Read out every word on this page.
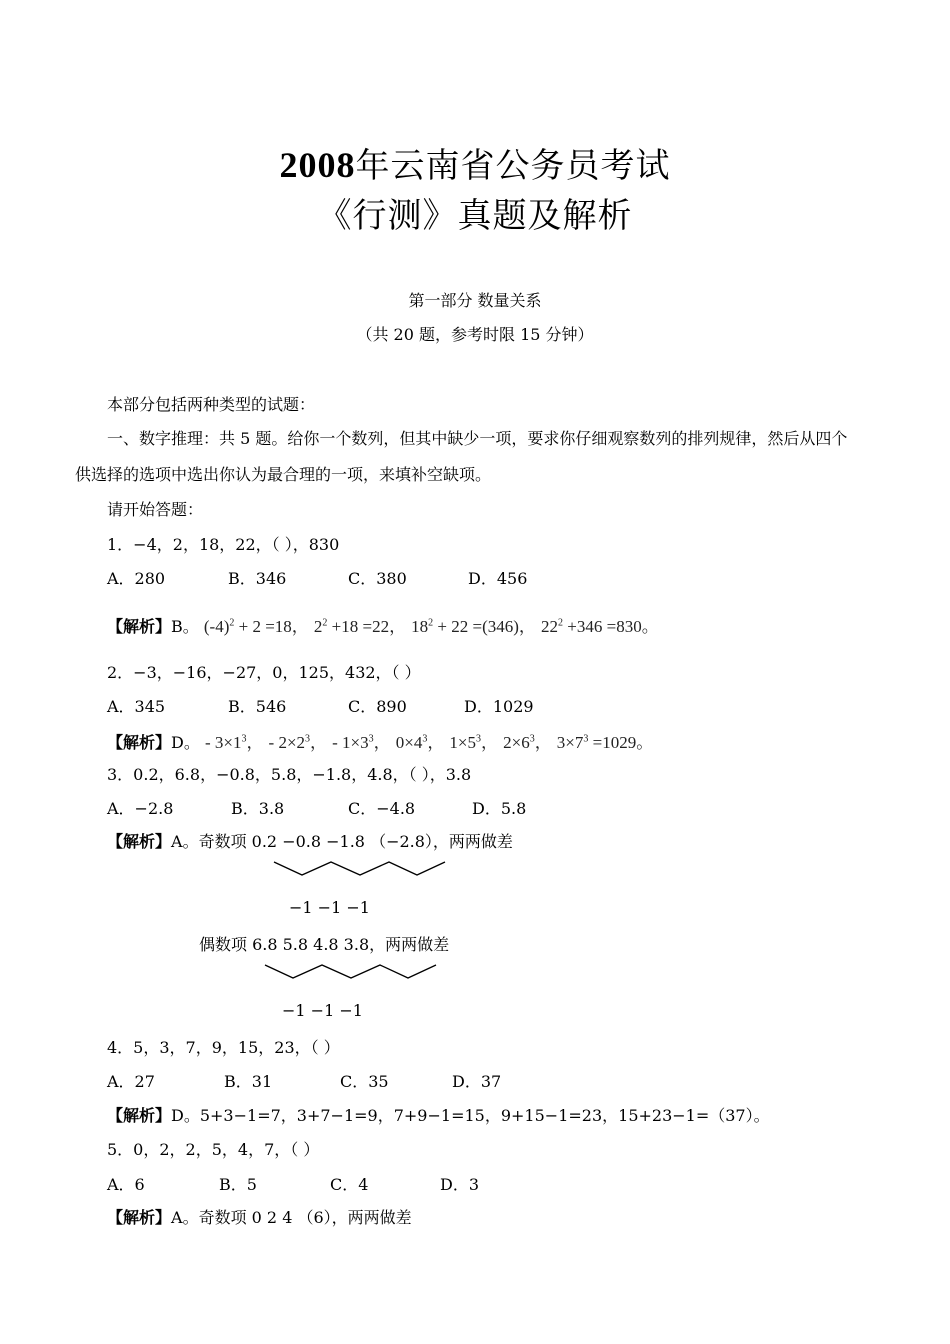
2008年云南省公务员考试
《行测》真题及解析
第一部分 数量关系
（共 20 题，参考时限 15 分钟）
本部分包括两种类型的试题：
一、数字推理：共 5 题。给你一个数列，但其中缺少一项，要求你仔细观察数列的排列规律，然后从四个
供选择的选项中选出你认为最合理的一项，来填补空缺项。
请开始答题：
1．−4，2，18，22，（ ），830
A．280	B．346	C．380	D．456
【解析】B。 $(-4)^2 + 2 =18$， $2^2 +18 =22$， $18^2 + 22 =(346)$， $22^2 +346 =830$。
2．−3，−16，−27，0，125，432，（ ）
A．345	B．546	C．890	D．1029
【解析】D。 - $3\times 1^3$， - $2\times 2^3$， - $1\times 3^3$， $0\times 4^3$， $1\times 5^3$， $2\times 6^3$， $3\times 7^3 =1029$。
3．0.2，6.8，−0.8，5.8，−1.8，4.8，（ ），3.8
A．−2.8	B．3.8	C．−4.8	D．5.8
【解析】A。奇数项 0.2 −0.8 −1.8 （−2.8），两两做差
−1 −1 −1
偶数项 6.8 5.8 4.8 3.8，两两做差
−1 −1 −1
4．5，3，7，9，15，23，（ ）
A．27	B．31	C．35	D．37
【解析】D。5+3−1=7，3+7−1=9，7+9−1=15，9+15−1=23，15+23−1=（37）。
5．0，2，2，5，4，7，（ ）
A．6	B．5	C．4	D．3
【解析】A。奇数项 0 2 4 （6），两两做差
